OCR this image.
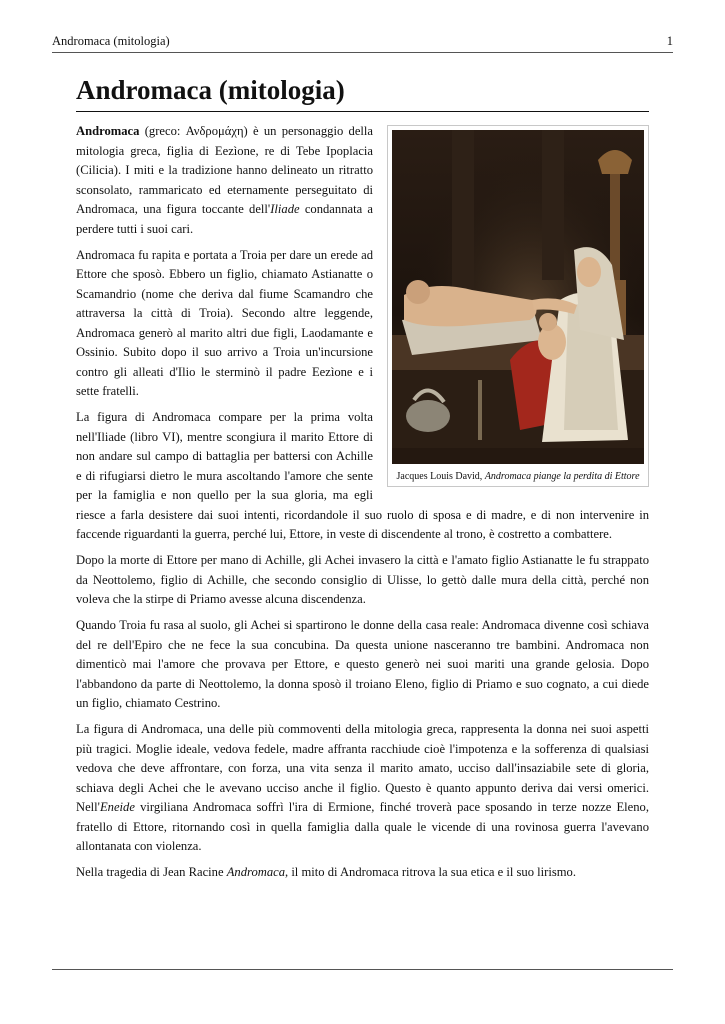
Andromaca (mitologia)	1
Andromaca (mitologia)
Jacques Louis David, Andromaca piange la perdita di Ettore

Andromaca (greco: Ανδρομάχη) è un personaggio della mitologia greca, figlia di Eezìone, re di Tebe Ipoplacia (Cilicia). I miti e la tradizione hanno delineato un ritratto sconsolato, rammaricato ed eternamente perseguitato di Andromaca, una figura toccante dell'Iliade condannata a perdere tutti i suoi cari.

Andromaca fu rapita e portata a Troia per dare un erede ad Ettore che sposò. Ebbero un figlio, chiamato Astianatte o Scamandrio (nome che deriva dal fiume Scamandro che attraversa la città di Troia). Secondo altre leggende, Andromaca generò al marito altri due figli, Laodamante e Ossinio. Subito dopo il suo arrivo a Troia un'incursione contro gli alleati d'Ilio le sterminò il padre Eezìone e i sette fratelli.

La figura di Andromaca compare per la prima volta nell'Iliade (libro VI), mentre scongiura il marito Ettore di non andare sul campo di battaglia per battersi con Achille e di rifugiarsi dietro le mura ascoltando l'amore che sente per la famiglia e non quello per la sua gloria, ma egli riesce a farla desistere dai suoi intenti, ricordandole il suo ruolo di sposa e di madre, e di non intervenire in faccende riguardanti la guerra, perché lui, Ettore, in veste di discendente al trono, è costretto a combattere.

Dopo la morte di Ettore per mano di Achille, gli Achei invasero la città e l'amato figlio Astianatte le fu strappato da Neottolemo, figlio di Achille, che secondo consiglio di Ulisse, lo gettò dalle mura della città, perché non voleva che la stirpe di Priamo avesse alcuna discendenza.

Quando Troia fu rasa al suolo, gli Achei si spartirono le donne della casa reale: Andromaca divenne così schiava del re dell'Epiro che ne fece la sua concubina. Da questa unione nasceranno tre bambini. Andromaca non dimenticò mai l'amore che provava per Ettore, e questo generò nei suoi mariti una grande gelosia. Dopo l'abbandono da parte di Neottolemo, la donna sposò il troiano Eleno, figlio di Priamo e suo cognato, a cui diede un figlio, chiamato Cestrino.

La figura di Andromaca, una delle più commoventi della mitologia greca, rappresenta la donna nei suoi aspetti più tragici. Moglie ideale, vedova fedele, madre affranta racchiude cioè l'impotenza e la sofferenza di qualsiasi vedova che deve affrontare, con forza, una vita senza il marito amato, ucciso dall'insaziabile sete di gloria, schiava degli Achei che le avevano ucciso anche il figlio. Questo è quanto appunto deriva dai versi omerici. Nell'Eneide virgiliana Andromaca soffrì l'ira di Ermione, finché troverà pace sposando in terze nozze Eleno, fratello di Ettore, ritornando così in quella famiglia dalla quale le vicende di una rovinosa guerra l'avevano allontanata con violenza.

Nella tragedia di Jean Racine Andromaca, il mito di Andromaca ritrova la sua etica e il suo lirismo.
